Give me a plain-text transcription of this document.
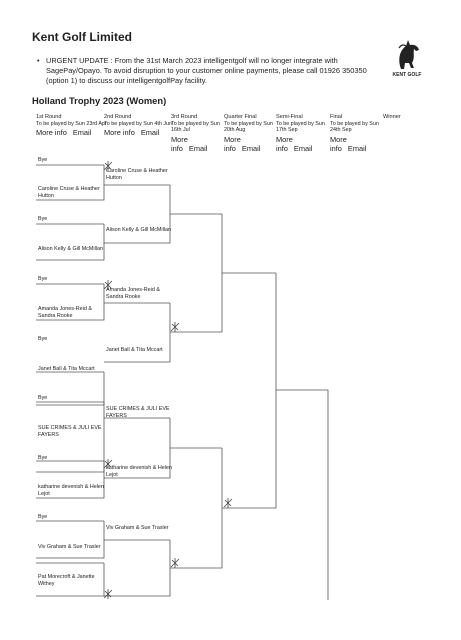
Kent Golf Limited
• URGENT UPDATE : From the 31st March 2023 intelligentgolf will no longer integrate with SagePay/Opayo. To avoid disruption to your customer online payments, please call 01926 350350 (option 1) to discuss our intelligentgolfPay facility.
KENT GOLF
Holland Trophy 2023 (Women)
1st Round
To be played by Sun 23rd Apr
More info Email
2nd Round
To be played by Sun 4th Jun
More info Email
3rd Round
To be played by Sun 16th Jul
More info Email
Quarter Final
To be played by Sun 20th Aug
More info Email
Semi-Final
To be played by Sun 17th Sep
More info Email
Final
To be played by Sun 24th Sep
More info Email
Winner
Bye
Caroline Cruse & Heather Hutton
Bye
Alison Kelly & Gill McMillan
Bye
Amanda Jones-Reid & Sandra Rooke
Bye
Janet Ball & Tita Mccart
Bye
SUE CRIMES & JULI EVE FAYERS
Bye
katharine devenish & Helen Lejot
Bye
Viv Graham & Sue Trasler
Pat Morecroft & Janette Withey
Caroline Cruse & Heather Hutton
Alison Kelly & Gill McMillan
Amanda Jones-Reid & Sandra Rooke
Janet Ball & Tita Mccart
SUE CRIMES & JULI EVE FAYERS
katharine devenish & Helen Lejot
Viv Graham & Sue Trasler
